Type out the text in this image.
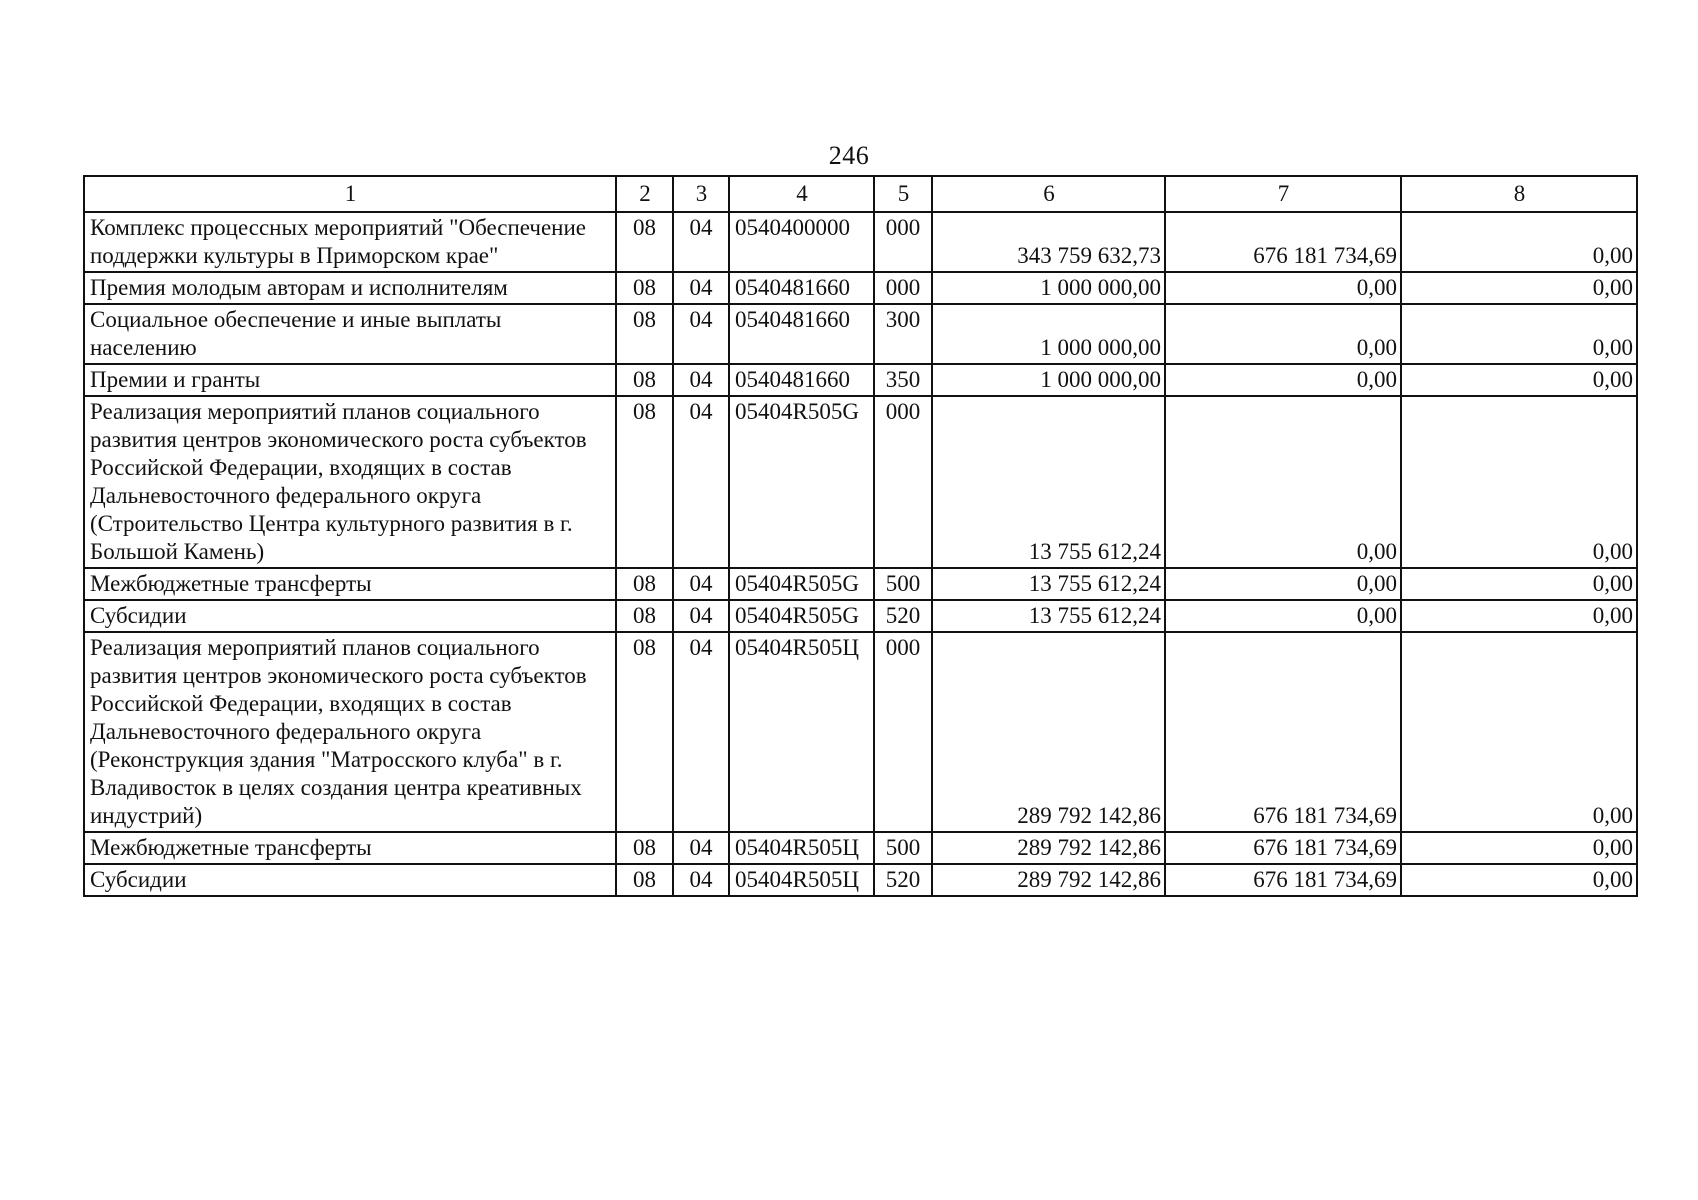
246
1	2	3	4	5	6	7	8
Комплекс процессных мероприятий "Обеспечение поддержки культуры в Приморском крае"	08	04	0540400000	000	343 759 632,73	676 181 734,69	0,00
Премия молодым авторам и исполнителям	08	04	0540481660	000	1 000 000,00	0,00	0,00
Социальное обеспечение и иные выплаты населению	08	04	0540481660	300	1 000 000,00	0,00	0,00
Премии и гранты	08	04	0540481660	350	1 000 000,00	0,00	0,00
Реализация мероприятий планов социального развития центров экономического роста субъектов Российской Федерации, входящих в состав Дальневосточного федерального округа (Строительство Центра культурного развития в г. Большой Камень)	08	04	05404R505G	000	13 755 612,24	0,00	0,00
Межбюджетные трансферты	08	04	05404R505G	500	13 755 612,24	0,00	0,00
Субсидии	08	04	05404R505G	520	13 755 612,24	0,00	0,00
Реализация мероприятий планов социального развития центров экономического роста субъектов Российской Федерации, входящих в состав Дальневосточного федерального округа (Реконструкция здания "Матросского клуба" в г. Владивосток в целях создания центра креативных индустрий)	08	04	05404R505Ц	000	289 792 142,86	676 181 734,69	0,00
Межбюджетные трансферты	08	04	05404R505Ц	500	289 792 142,86	676 181 734,69	0,00
Субсидии	08	04	05404R505Ц	520	289 792 142,86	676 181 734,69	0,00
